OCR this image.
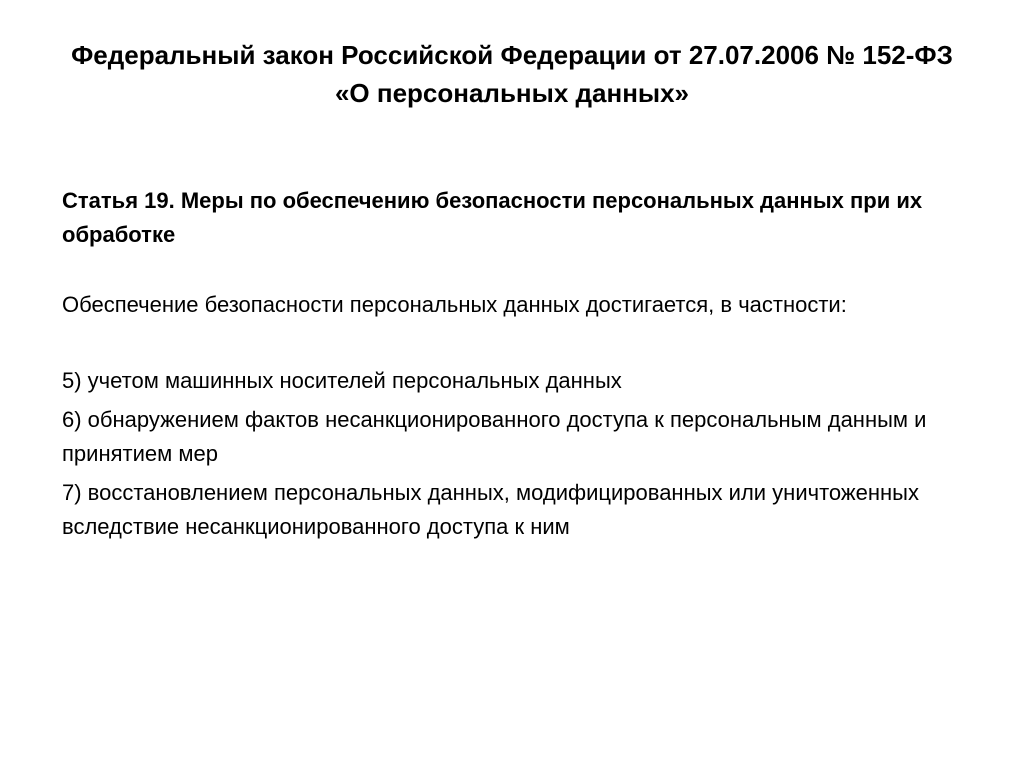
Федеральный закон Российской Федерации от 27.07.2006 № 152-ФЗ «О персональных данных»

Статья 19. Меры по обеспечению безопасности персональных данных при их обработке

Обеспечение безопасности персональных данных достигается, в частности:

5) учетом машинных носителей персональных данных
6) обнаружением фактов несанкционированного доступа к персональным данным и принятием мер
7) восстановлением персональных данных, модифицированных или уничтоженных вследствие несанкционированного доступа к ним
